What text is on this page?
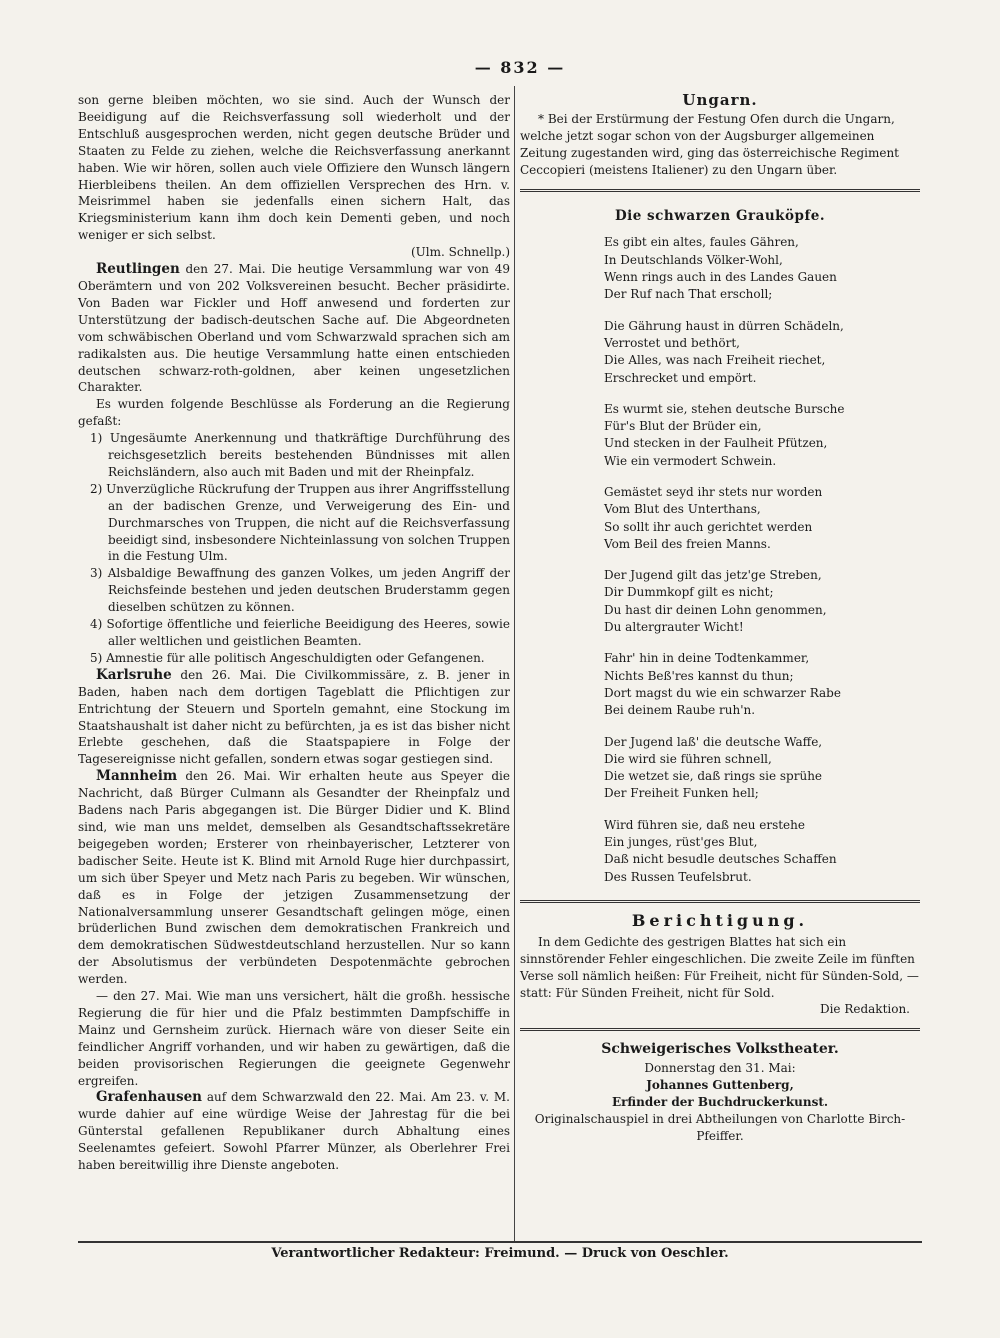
— 832 —

son gerne bleiben möchten, wo sie sind. Auch der Wunsch der Beeidigung auf die Reichsverfassung soll wiederholt und der Entschluß ausgesprochen werden, nicht gegen deutsche Brüder und Staaten zu Felde zu ziehen, welche die Reichsverfassung anerkannt haben. Wie wir hören, sollen auch viele Offiziere den Wunsch längern Hierbleibens theilen. An dem offiziellen Versprechen des Hrn. v. Meisrimmel haben sie jedenfalls einen sichern Halt, das Kriegsministerium kann ihm doch kein Dementi geben, und noch weniger er sich selbst.

(Ulm. Schnellp.)

Reutlingen den 27. Mai. Die heutige Versammlung war von 49 Oberämtern und von 202 Volksvereinen besucht. Becher präsidirte. Von Baden war Fickler und Hoff anwesend und forderten zur Unterstützung der badisch-deutschen Sache auf. Die Abgeordneten vom schwäbischen Oberland und vom Schwarzwald sprachen sich am radikalsten aus. Die heutige Versammlung hatte einen entschieden deutschen schwarz-roth-goldnen, aber keinen ungesetzlichen Charakter.

Es wurden folgende Beschlüsse als Forderung an die Regierung gefaßt:

1) Ungesäumte Anerkennung und thatkräftige Durchführung des reichsgesetzlich bereits bestehenden Bündnisses mit allen Reichsländern, also auch mit Baden und mit der Rheinpfalz.

2) Unverzügliche Rückrufung der Truppen aus ihrer Angriffsstellung an der badischen Grenze, und Verweigerung des Ein- und Durchmarsches von Truppen, die nicht auf die Reichsverfassung beeidigt sind, insbesondere Nichteinlassung von solchen Truppen in die Festung Ulm.

3) Alsbaldige Bewaffnung des ganzen Volkes, um jeden Angriff der Reichsfeinde bestehen und jeden deutschen Bruderstamm gegen dieselben schützen zu können.

4) Sofortige öffentliche und feierliche Beeidigung des Heeres, sowie aller weltlichen und geistlichen Beamten.

5) Amnestie für alle politisch Angeschuldigten oder Gefangenen.

Karlsruhe den 26. Mai. Die Civilkommissäre, z. B. jener in Baden, haben nach dem dortigen Tageblatt die Pflichtigen zur Entrichtung der Steuern und Sporteln gemahnt, eine Stockung im Staatshaushalt ist daher nicht zu befürchten, ja es ist das bisher nicht Erlebte geschehen, daß die Staatspapiere in Folge der Tagesereignisse nicht gefallen, sondern etwas sogar gestiegen sind.

Mannheim den 26. Mai. Wir erhalten heute aus Speyer die Nachricht, daß Bürger Culmann als Gesandter der Rheinpfalz und Badens nach Paris abgegangen ist. Die Bürger Didier und K. Blind sind, wie man uns meldet, demselben als Gesandtschaftssekretäre beigegeben worden; Ersterer von rheinbayerischer, Letzterer von badischer Seite. Heute ist K. Blind mit Arnold Ruge hier durchpassirt, um sich über Speyer und Metz nach Paris zu begeben. Wir wünschen, daß es in Folge der jetzigen Zusammensetzung der Nationalversammlung unserer Gesandtschaft gelingen möge, einen brüderlichen Bund zwischen dem demokratischen Frankreich und dem demokratischen Südwestdeutschland herzustellen. Nur so kann der Absolutismus der verbündeten Despotenmächte gebrochen werden.

— den 27. Mai. Wie man uns versichert, hält die großh. hessische Regierung die für hier und die Pfalz bestimmten Dampfschiffe in Mainz und Gernsheim zurück. Hiernach wäre von dieser Seite ein feindlicher Angriff vorhanden, und wir haben zu gewärtigen, daß die beiden provisorischen Regierungen die geeignete Gegenwehr ergreifen.

Grafenhausen auf dem Schwarzwald den 22. Mai. Am 23. v. M. wurde dahier auf eine würdige Weise der Jahrestag für die bei Günterstal gefallenen Republikaner durch Abhaltung eines Seelenamtes gefeiert. Sowohl Pfarrer Münzer, als Oberlehrer Frei haben bereitwillig ihre Dienste angeboten.

Ungarn.

* Bei der Erstürmung der Festung Ofen durch die Ungarn, welche jetzt sogar schon von der Augsburger allgemeinen Zeitung zugestanden wird, ging das österreichische Regiment Ceccopieri (meistens Italiener) zu den Ungarn über.

Die schwarzen Grauköpfe.

Es gibt ein altes, faules Gähren,

In Deutschlands Völker-Wohl,

Wenn rings auch in des Landes Gauen

Der Ruf nach That erscholl;

Die Gährung haust in dürren Schädeln,

Verrostet und bethört,

Die Alles, was nach Freiheit riechet,

Erschrecket und empört.

Es wurmt sie, stehen deutsche Bursche

Für's Blut der Brüder ein,

Und stecken in der Faulheit Pfützen,

Wie ein vermodert Schwein.

Gemästet seyd ihr stets nur worden

Vom Blut des Unterthans,

So sollt ihr auch gerichtet werden

Vom Beil des freien Manns.

Der Jugend gilt das jetz'ge Streben,

Dir Dummkopf gilt es nicht;

Du hast dir deinen Lohn genommen,

Du altergrauter Wicht!

Fahr' hin in deine Todtenkammer,

Nichts Beß'res kannst du thun;

Dort magst du wie ein schwarzer Rabe

Bei deinem Raube ruh'n.

Der Jugend laß' die deutsche Waffe,

Die wird sie führen schnell,

Die wetzet sie, daß rings sie sprühe

Der Freiheit Funken hell;

Wird führen sie, daß neu erstehe

Ein junges, rüst'ges Blut,

Daß nicht besudle deutsches Schaffen

Des Russen Teufelsbrut.

Berichtigung.

In dem Gedichte des gestrigen Blattes hat sich ein sinnstörender Fehler eingeschlichen. Die zweite Zeile im fünften Verse soll nämlich heißen: Für Freiheit, nicht für Sünden-Sold, — statt: Für Sünden Freiheit, nicht für Sold.

Die Redaktion.

Schweigerisches Volkstheater.

Donnerstag den 31. Mai:

Johannes Guttenberg,

Erfinder der Buchdruckerkunst.

Originalschauspiel in drei Abtheilungen von Charlotte Birch-Pfeiffer.

Verantwortlicher Redakteur: Freimund. — Druck von Oeschler.
